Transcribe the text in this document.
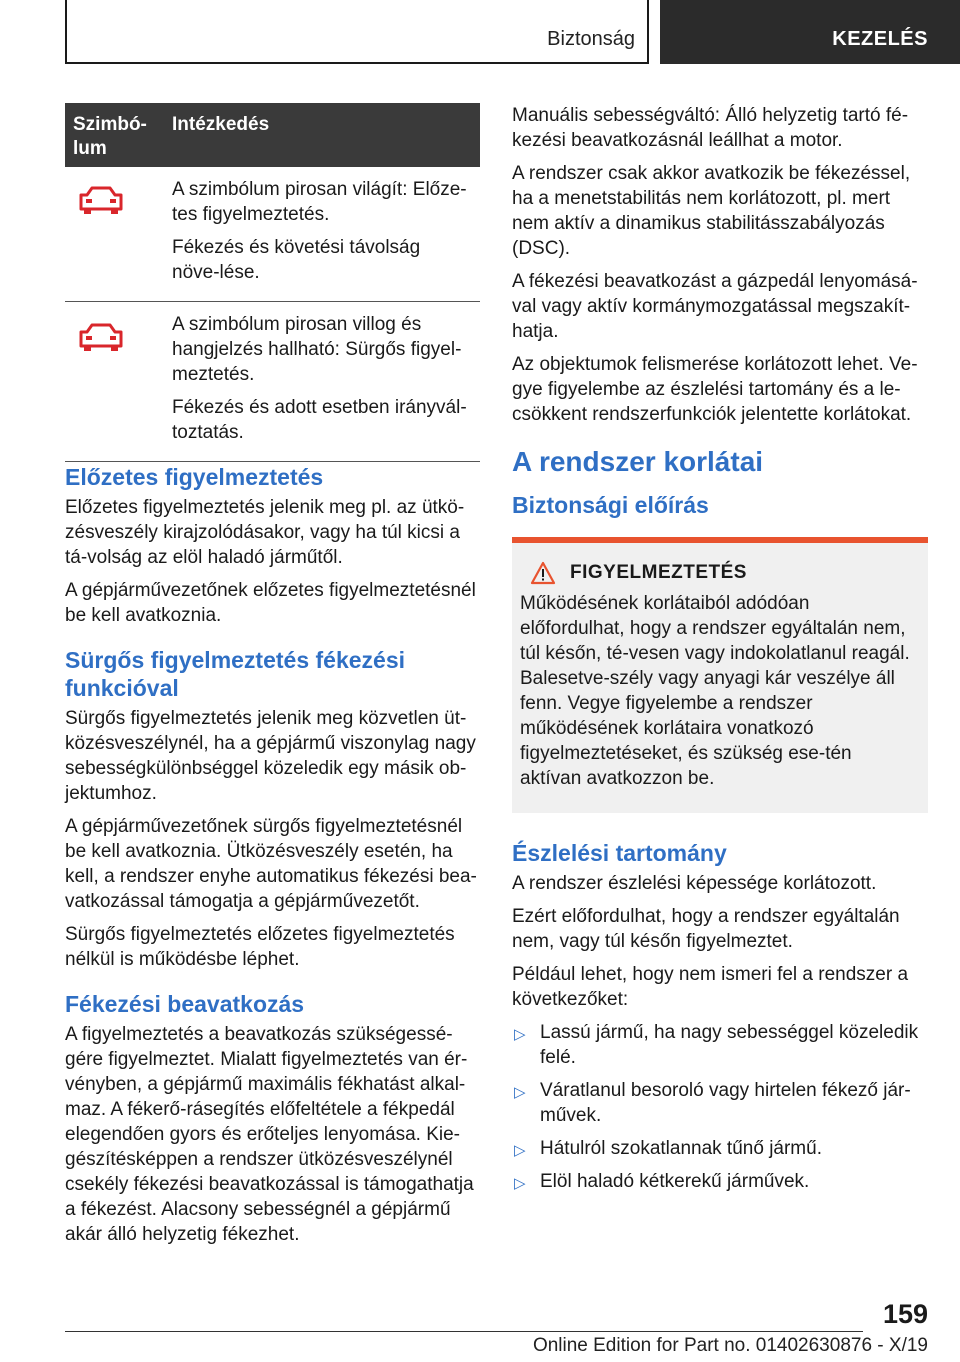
Biztonság	KEZELÉS
Szimbó-lum
Intézkedés

A szimbólum pirosan világít: Előze-tes figyelmeztetés.

Fékezés és követési távolság növe-lése.

A szimbólum pirosan villog és hangjelzés hallható: Sürgős figyel-meztetés.

Fékezés és adott esetben irányvál-toztatás.

Előzetes figyelmeztetés

Előzetes figyelmeztetés jelenik meg pl. az ütkö-zésveszély kirajzolódásakor, vagy ha túl kicsi a tá-volság az elöl haladó járműtől.

A gépjárművezetőnek előzetes figyelmeztetésnél be kell avatkoznia.

Sürgős figyelmeztetés fékezési funkcióval

Sürgős figyelmeztetés jelenik meg közvetlen üt-közésveszélynél, ha a gépjármű viszonylag nagy sebességkülönbséggel közeledik egy másik ob-jektumhoz.

A gépjárművezetőnek sürgős figyelmeztetésnél be kell avatkoznia. Ütközésveszély esetén, ha kell, a rendszer enyhe automatikus fékezési bea-vatkozással támogatja a gépjárművezetőt.

Sürgős figyelmeztetés előzetes figyelmeztetés nélkül is működésbe léphet.

Fékezési beavatkozás

A figyelmeztetés a beavatkozás szükségessé-gére figyelmeztet. Mialatt figyelmeztetés van ér-vényben, a gépjármű maximális fékhatást alkal-maz. A fékerő-rásegítés előfeltétele a fékpedál elegendően gyors és erőteljes lenyomása. Kie-gészítésképpen a rendszer ütközésveszélynél csekély fékezési beavatkozással is támogathatja a fékezést. Alacsony sebességnél a gépjármű akár álló helyzetig fékezhet.

Manuális sebességváltó: Álló helyzetig tartó fé-kezési beavatkozásnál leállhat a motor.

A rendszer csak akkor avatkozik be fékezéssel, ha a menetstabilitás nem korlátozott, pl. mert nem aktív a dinamikus stabilitásszabályozás (DSC).

A fékezési beavatkozást a gázpedál lenyomásá-val vagy aktív kormánymozgatással megszakít-hatja.

Az objektumok felismerése korlátozott lehet. Ve-gye figyelembe az észlelési tartomány és a le-csökkent rendszerfunkciók jelentette korlátokat.

A rendszer korlátai
Biztonsági előírás
FIGYELMEZTETÉS

Működésének korlátaiból adódóan előfordulhat, hogy a rendszer egyáltalán nem, túl későn, té-vesen vagy indokolatlanul reagál. Balesetve-szély vagy anyagi kár veszélye áll fenn. Vegye figyelembe a rendszer működésének korlátaira vonatkozó figyelmeztetéseket, és szükség ese-tén aktívan avatkozzon be.

Észlelési tartomány

A rendszer észlelési képessége korlátozott.

Ezért előfordulhat, hogy a rendszer egyáltalán nem, vagy túl későn figyelmeztet.

Például lehet, hogy nem ismeri fel a rendszer a következőket:

▷ Lassú jármű, ha nagy sebességgel közeledik felé.
▷ Váratlanul besoroló vagy hirtelen fékező jár-művek.
▷ Hátulról szokatlannak tűnő jármű.
▷ Elöl haladó kétkerekű járművek.
159
Online Edition for Part no. 01402630876 - X/19
